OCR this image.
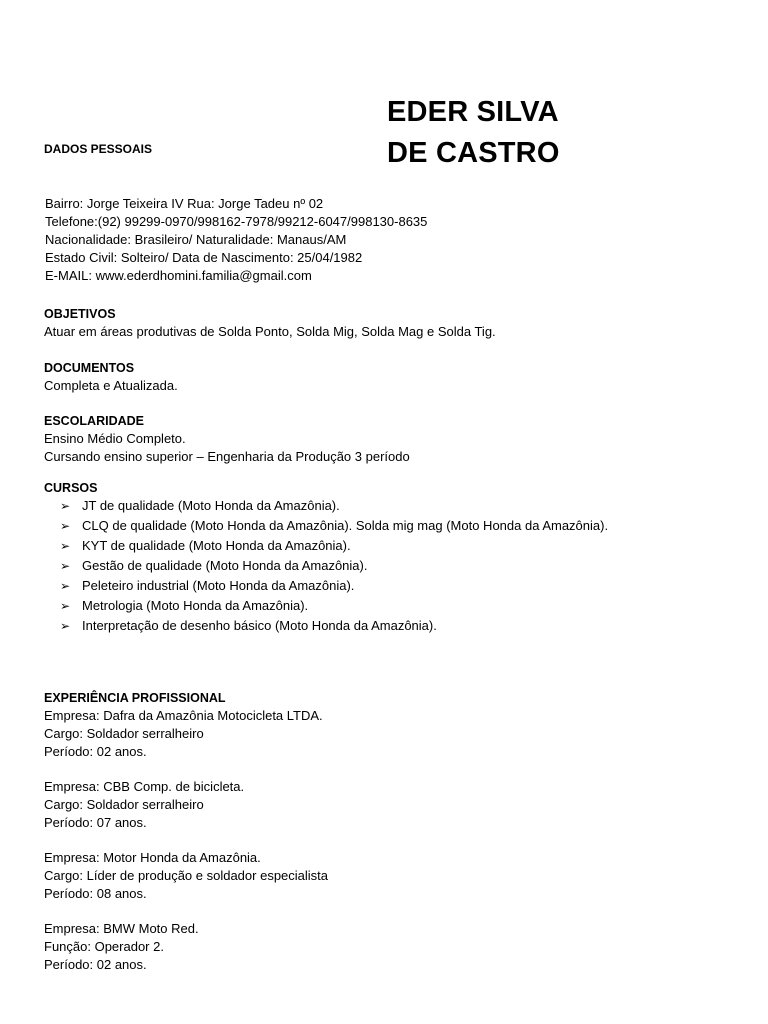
EDER SILVA
DE CASTRO
DADOS PESSOAIS
Bairro: Jorge Teixeira IV Rua: Jorge Tadeu nº 02
Telefone:(92) 99299-0970/998162-7978/99212-6047/998130-8635
Nacionalidade: Brasileiro/ Naturalidade: Manaus/AM
Estado Civil: Solteiro/ Data de Nascimento: 25/04/1982
E-MAIL: www.ederdhomini.familia@gmail.com
OBJETIVOS
Atuar em áreas produtivas de Solda Ponto, Solda Mig, Solda Mag e Solda Tig.
DOCUMENTOS
Completa e Atualizada.
ESCOLARIDADE
Ensino Médio Completo.
Cursando ensino superior – Engenharia da Produção 3 período
CURSOS
➢ JT de qualidade (Moto Honda da Amazônia).
➢ CLQ de qualidade (Moto Honda da Amazônia). Solda mig mag (Moto Honda da Amazônia).
➢ KYT de qualidade (Moto Honda da Amazônia).
➢ Gestão de qualidade (Moto Honda da Amazônia).
➢ Peleteiro industrial (Moto Honda da Amazônia).
➢ Metrologia (Moto Honda da Amazônia).
➢ Interpretação de desenho básico (Moto Honda da Amazônia).
EXPERIÊNCIA PROFISSIONAL
Empresa: Dafra da Amazônia Motocicleta LTDA.
Cargo: Soldador serralheiro
Período: 02 anos.
Empresa: CBB Comp. de bicicleta.
Cargo: Soldador serralheiro
Período: 07 anos.
Empresa: Motor Honda da Amazônia.
Cargo: Líder de produção e soldador especialista
Período: 08 anos.
Empresa: BMW Moto Red.
Função: Operador 2.
Período: 02 anos.
